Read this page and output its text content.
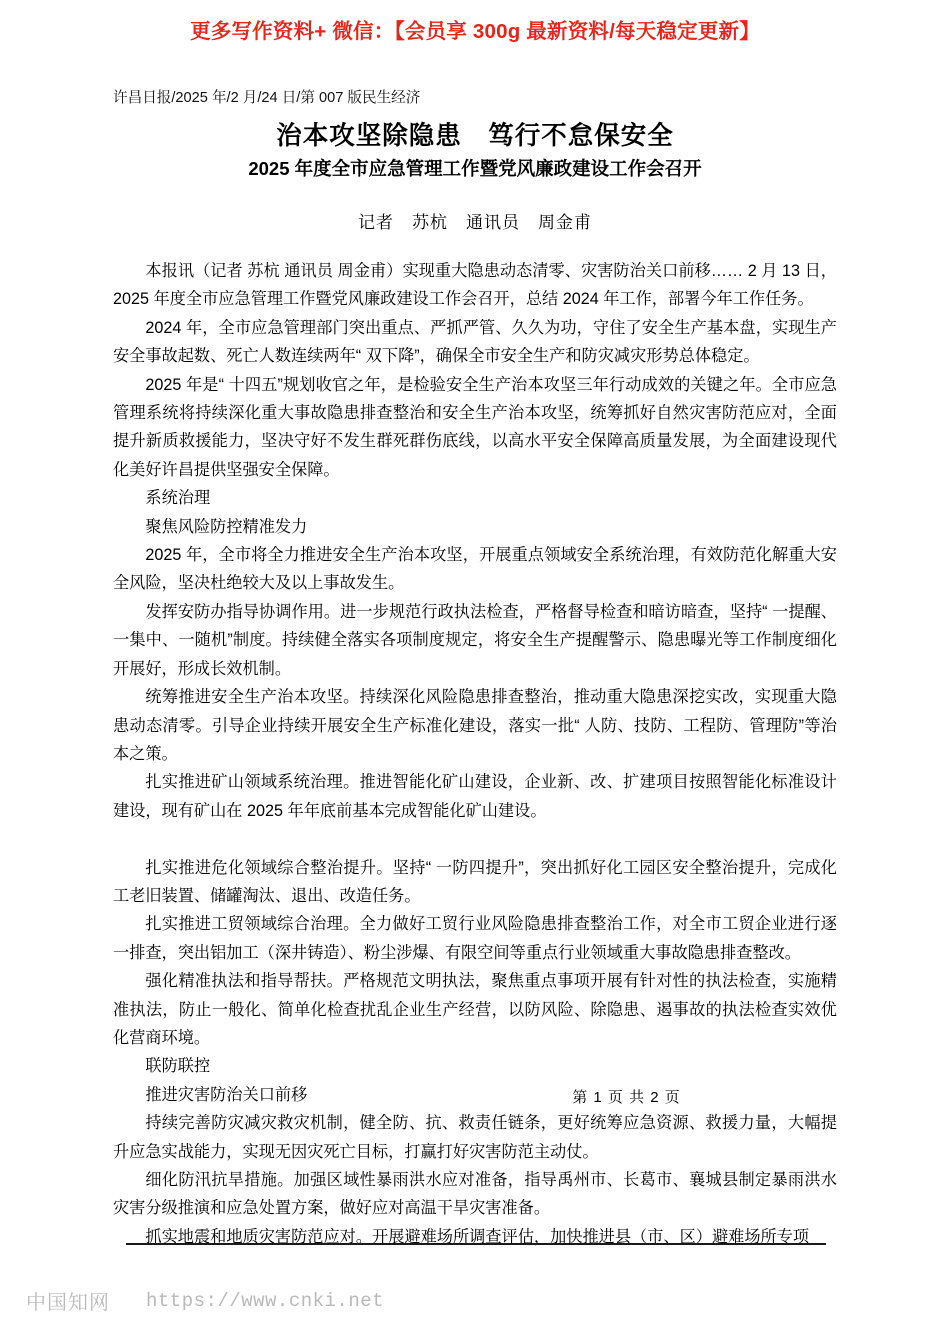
更多写作资料+ 微信：【会员享 300g 最新资料/每天稳定更新】
许昌日报/2025 年/2 月/24 日/第 007 版民生经济
治本攻坚除隐患　笃行不怠保安全
2025 年度全市应急管理工作暨党风廉政建设工作会召开
记者　苏杭　通讯员　周金甫

本报讯（记者 苏杭 通讯员 周金甫）实现重大隐患动态清零、灾害防治关口前移…… 2 月 13 日，2025 年度全市应急管理工作暨党风廉政建设工作会召开，总结 2024 年工作，部署今年工作任务。

2024 年，全市应急管理部门突出重点、严抓严管、久久为功，守住了安全生产基本盘，实现生产安全事故起数、死亡人数连续两年“ 双下降”，确保全市安全生产和防灾减灾形势总体稳定。

2025 年是“ 十四五”规划收官之年，是检验安全生产治本攻坚三年行动成效的关键之年。全市应急管理系统将持续深化重大事故隐患排查整治和安全生产治本攻坚，统筹抓好自然灾害防范应对，全面提升新质救援能力，坚决守好不发生群死群伤底线，以高水平安全保障高质量发展，为全面建设现代化美好许昌提供坚强安全保障。

系统治理

聚焦风险防控精准发力

2025 年，全市将全力推进安全生产治本攻坚，开展重点领域安全系统治理，有效防范化解重大安全风险，坚决杜绝较大及以上事故发生。

发挥安防办指导协调作用。进一步规范行政执法检查，严格督导检查和暗访暗查，坚持“ 一提醒、一集中、一随机”制度。持续健全落实各项制度规定，将安全生产提醒警示、隐患曝光等工作制度细化开展好，形成长效机制。

统筹推进安全生产治本攻坚。持续深化风险隐患排查整治，推动重大隐患深挖实改，实现重大隐患动态清零。引导企业持续开展安全生产标准化建设，落实一批“ 人防、技防、工程防、管理防”等治本之策。

扎实推进矿山领域系统治理。推进智能化矿山建设，企业新、改、扩建项目按照智能化标准设计建设，现有矿山在 2025 年年底前基本完成智能化矿山建设。

扎实推进危化领域综合整治提升。坚持“ 一防四提升”，突出抓好化工园区安全整治提升，完成化工老旧装置、储罐淘汰、退出、改造任务。

扎实推进工贸领域综合治理。全力做好工贸行业风险隐患排查整治工作，对全市工贸企业进行逐一排查，突出铝加工（深井铸造）、粉尘涉爆、有限空间等重点行业领域重大事故隐患排查整改。

强化精准执法和指导帮扶。严格规范文明执法，聚焦重点事项开展有针对性的执法检查，实施精准执法，防止一般化、简单化检查扰乱企业生产经营，以防风险、除隐患、遏事故的执法检查实效优化营商环境。

联防联控

推进灾害防治关口前移

持续完善防灾减灾救灾机制，健全防、抗、救责任链条，更好统筹应急资源、救援力量，大幅提升应急实战能力，实现无因灾死亡目标，打赢打好灾害防范主动仗。

细化防汛抗旱措施。加强区域性暴雨洪水应对准备，指导禹州市、长葛市、襄城县制定暴雨洪水灾害分级推演和应急处置方案，做好应对高温干旱灾害准备。

抓实地震和地质灾害防范应对。开展避难场所调查评估，加快推进县（市、区）避难场所专项

第 1 页 共 2 页
中国知网 https://www.cnki.net
